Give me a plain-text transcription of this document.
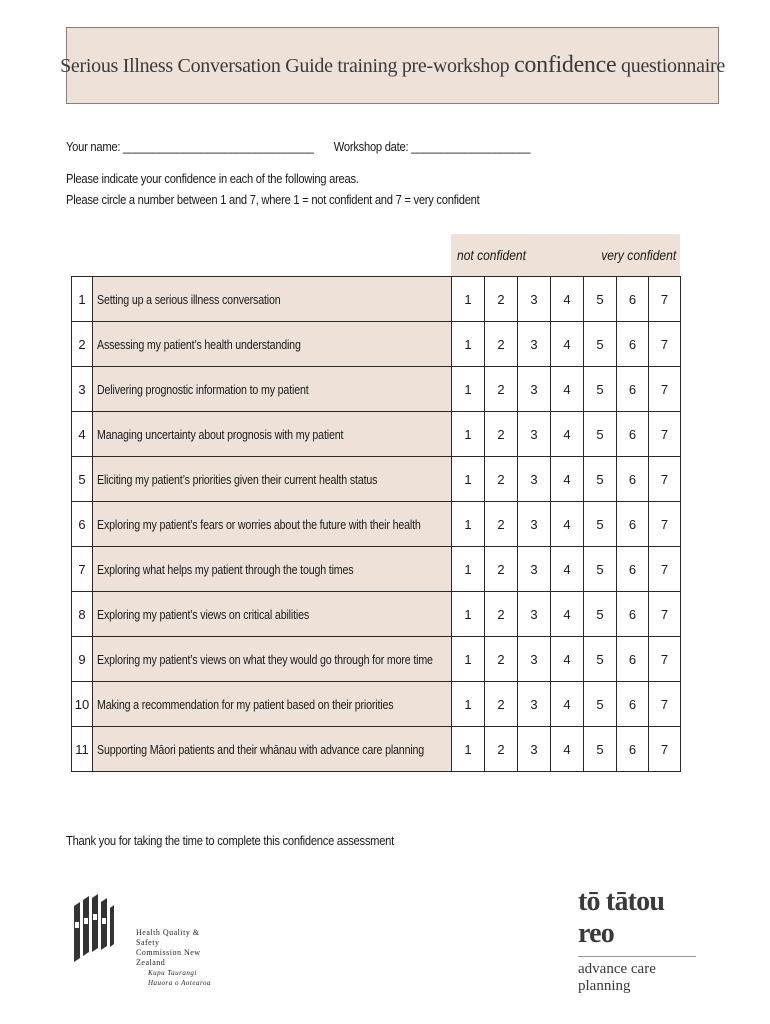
Serious Illness Conversation Guide training pre-workshop confidence questionnaire
Your name: ________________________________ Workshop date: ____________________
Please indicate your confidence in each of the following areas.
Please circle a number between 1 and 7, where 1 = not confident and 7 = very confident
not confident	very confident
1	Setting up a serious illness conversation	1	2	3	4	5	6	7
2	Assessing my patient’s health understanding	1	2	3	4	5	6	7
3	Delivering prognostic information to my patient	1	2	3	4	5	6	7
4	Managing uncertainty about prognosis with my patient	1	2	3	4	5	6	7
5	Eliciting my patient’s priorities given their current health status	1	2	3	4	5	6	7
6	Exploring my patient’s fears or worries about the future with their health	1	2	3	4	5	6	7
7	Exploring what helps my patient through the tough times	1	2	3	4	5	6	7
8	Exploring my patient’s views on critical abilities	1	2	3	4	5	6	7
9	Exploring my patient’s views on what they would go through for more time	1	2	3	4	5	6	7
10	Making a recommendation for my patient based on their priorities	1	2	3	4	5	6	7
11	Supporting Māori patients and their whānau with advance care planning	1	2	3	4	5	6	7
Thank you for taking the time to complete this confidence assessment
Health Quality & Safety
Commission New Zealand
Kupu Taurangi Hauora o Aotearoa
tō tātou reo
advance care planning
